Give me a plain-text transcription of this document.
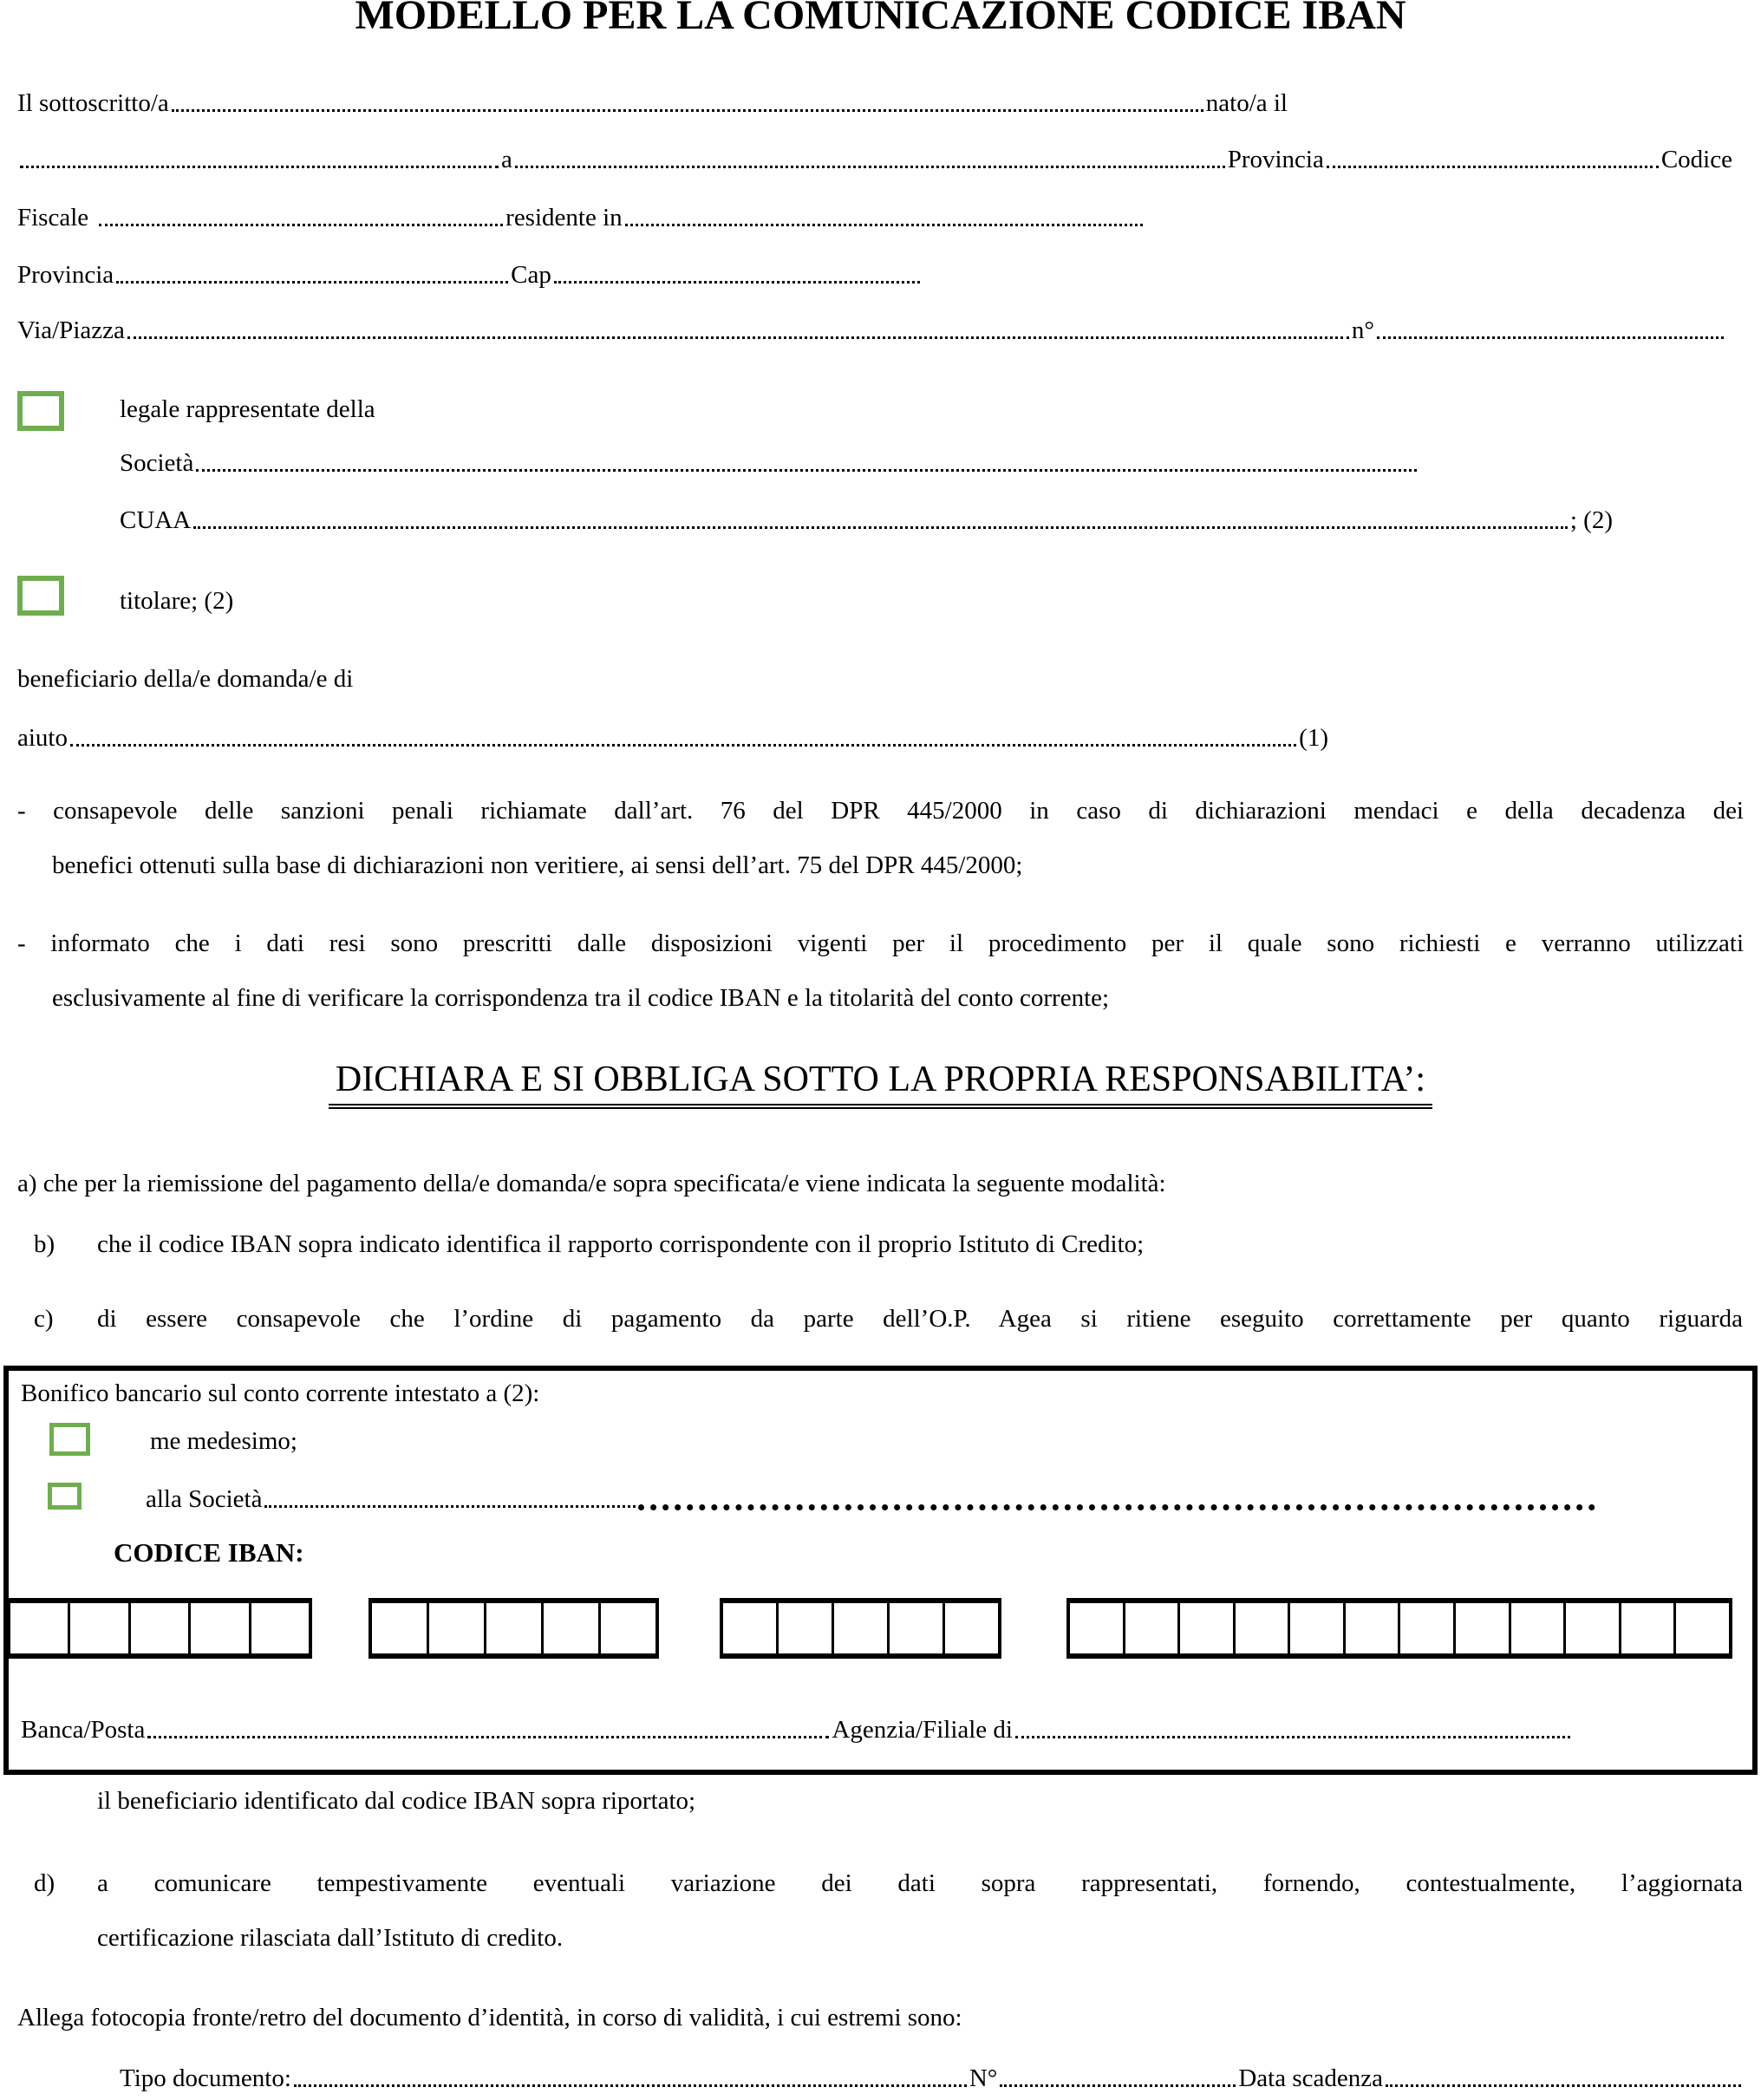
MODELLO PER LA COMUNICAZIONE CODICE IBAN
Il sottoscritto/a	nato/a il
a	Provincia	Codice
Fiscale	residente in
Provincia	Cap
Via/Piazza	n°
legale rappresentate della
Società
CUAA	; (2)
titolare; (2)
beneficiario della/e domanda/e di
aiuto	(1)
- consapevole delle sanzioni penali richiamate dall’art. 76 del DPR 445/2000 in caso di dichiarazioni mendaci e della decadenza dei
benefici ottenuti sulla base di dichiarazioni non veritiere, ai sensi dell’art. 75 del DPR 445/2000;
- informato che i dati resi sono prescritti dalle disposizioni vigenti per il procedimento per il quale sono richiesti e verranno utilizzati
esclusivamente al fine di verificare la corrispondenza tra il codice IBAN e la titolarità del conto corrente;
DICHIARA E SI OBBLIGA SOTTO LA PROPRIA RESPONSABILITA’:
a) che per la riemissione del pagamento della/e domanda/e sopra specificata/e viene indicata la seguente modalità:
b)	che il codice IBAN sopra indicato identifica il rapporto corrispondente con il proprio Istituto di Credito;
c)	di essere consapevole che l’ordine di pagamento da parte dell’O.P. Agea si ritiene eseguito correttamente per quanto riguarda
Bonifico bancario sul conto corrente intestato a (2):
me medesimo;
alla Società
CODICE IBAN:
Banca/Posta	Agenzia/Filiale di
il beneficiario identificato dal codice IBAN sopra riportato;
d)	a comunicare tempestivamente eventuali variazione dei dati sopra rappresentati, fornendo, contestualmente, l’aggiornata
certificazione rilasciata dall’Istituto di credito.
Allega fotocopia fronte/retro del documento d’identità, in corso di validità, i cui estremi sono:
Tipo documento:	N°	Data scadenza
